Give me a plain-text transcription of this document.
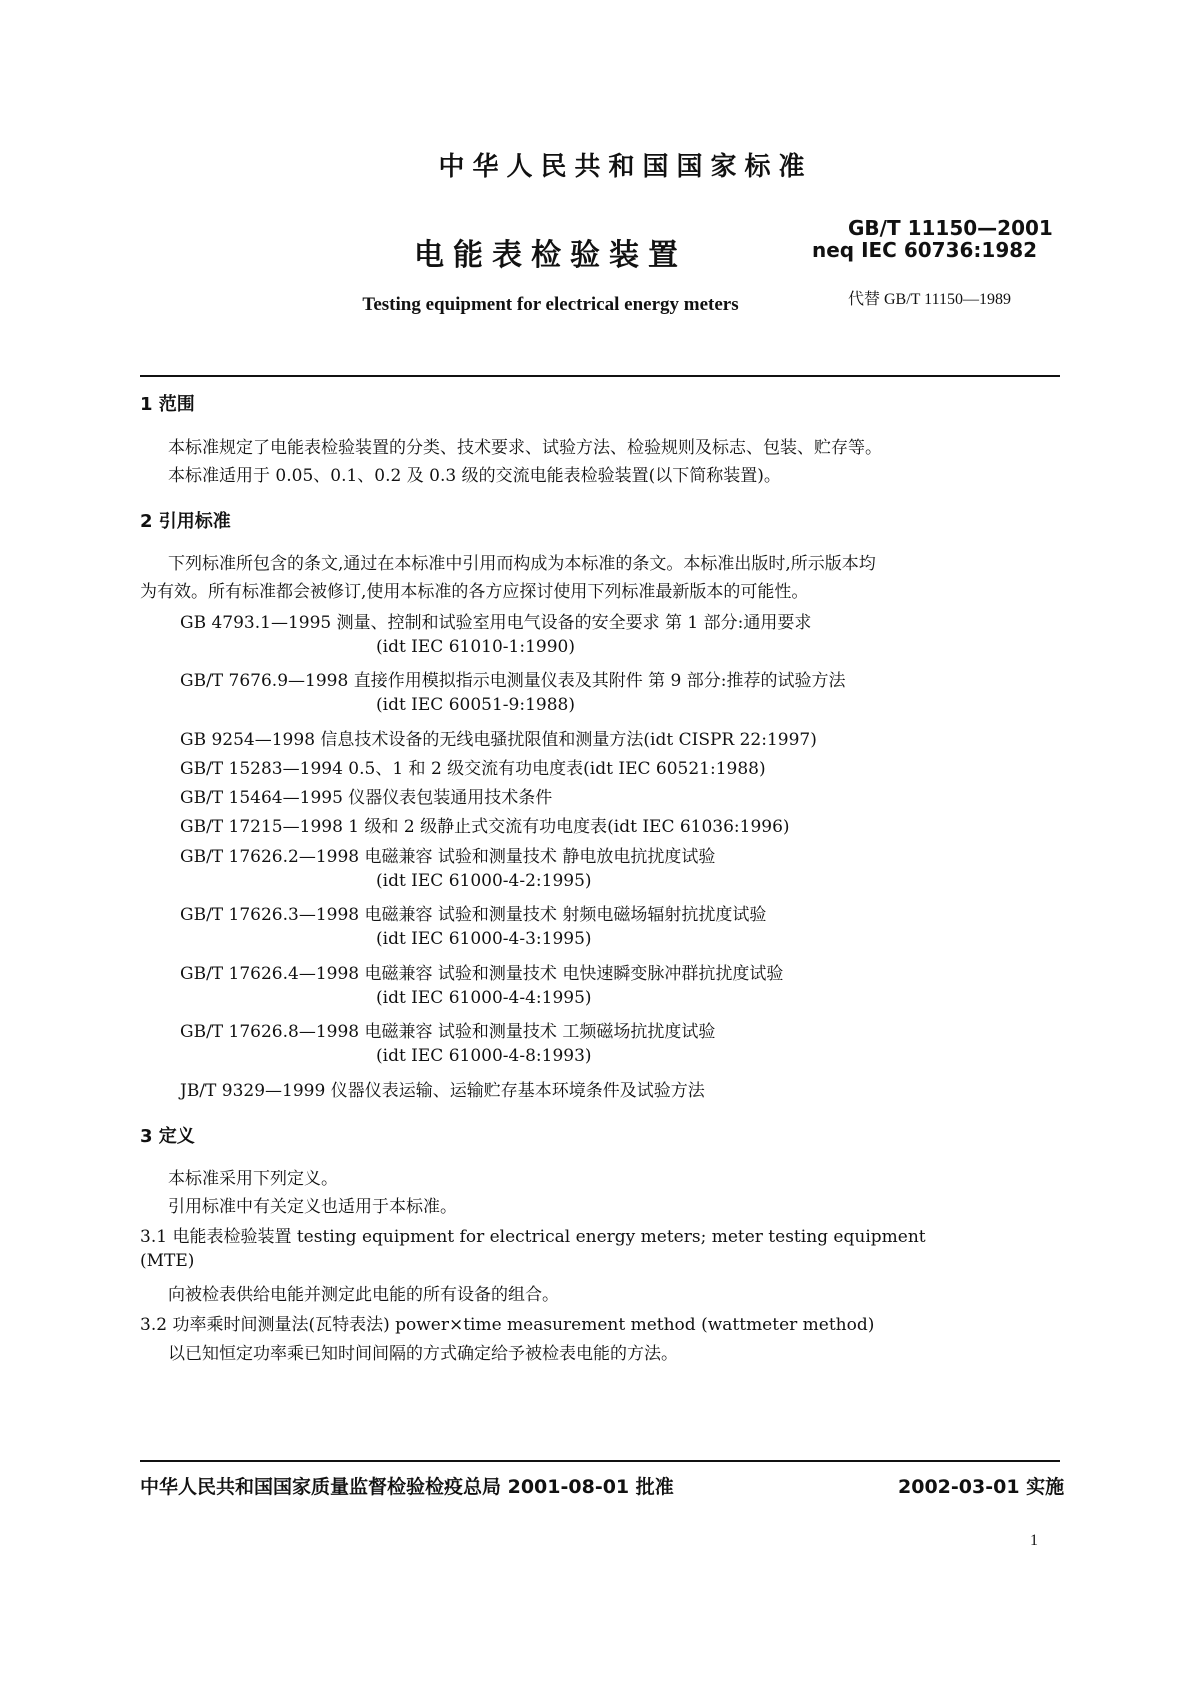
中华人民共和国国家标准
电能表检验装置
Testing equipment for electrical energy meters
GB/T 11150—2001
neq IEC 60736:1982
代替 GB/T 11150—1989
1 范围
本标准规定了电能表检验装置的分类、技术要求、试验方法、检验规则及标志、包装、贮存等。
本标准适用于 0.05、0.1、0.2 及 0.3 级的交流电能表检验装置(以下简称装置)。
2 引用标准
下列标准所包含的条文,通过在本标准中引用而构成为本标准的条文。本标准出版时,所示版本均
为有效。所有标准都会被修订,使用本标准的各方应探讨使用下列标准最新版本的可能性。
GB 4793.1—1995 测量、控制和试验室用电气设备的安全要求 第 1 部分:通用要求
(idt IEC 61010-1:1990)
GB/T 7676.9—1998 直接作用模拟指示电测量仪表及其附件 第 9 部分:推荐的试验方法
(idt IEC 60051-9:1988)
GB 9254—1998 信息技术设备的无线电骚扰限值和测量方法(idt CISPR 22:1997)
GB/T 15283—1994 0.5、1 和 2 级交流有功电度表(idt IEC 60521:1988)
GB/T 15464—1995 仪器仪表包装通用技术条件
GB/T 17215—1998 1 级和 2 级静止式交流有功电度表(idt IEC 61036:1996)
GB/T 17626.2—1998 电磁兼容 试验和测量技术 静电放电抗扰度试验
(idt IEC 61000-4-2:1995)
GB/T 17626.3—1998 电磁兼容 试验和测量技术 射频电磁场辐射抗扰度试验
(idt IEC 61000-4-3:1995)
GB/T 17626.4—1998 电磁兼容 试验和测量技术 电快速瞬变脉冲群抗扰度试验
(idt IEC 61000-4-4:1995)
GB/T 17626.8—1998 电磁兼容 试验和测量技术 工频磁场抗扰度试验
(idt IEC 61000-4-8:1993)
JB/T 9329—1999 仪器仪表运输、运输贮存基本环境条件及试验方法
3 定义
本标准采用下列定义。
引用标准中有关定义也适用于本标准。
3.1 电能表检验装置 testing equipment for electrical energy meters; meter testing equipment
(MTE)
向被检表供给电能并测定此电能的所有设备的组合。
3.2 功率乘时间测量法(瓦特表法) power×time measurement method (wattmeter method)
以已知恒定功率乘已知时间间隔的方式确定给予被检表电能的方法。
中华人民共和国国家质量监督检验检疫总局 2001-08-01 批准	2002-03-01 实施
1
